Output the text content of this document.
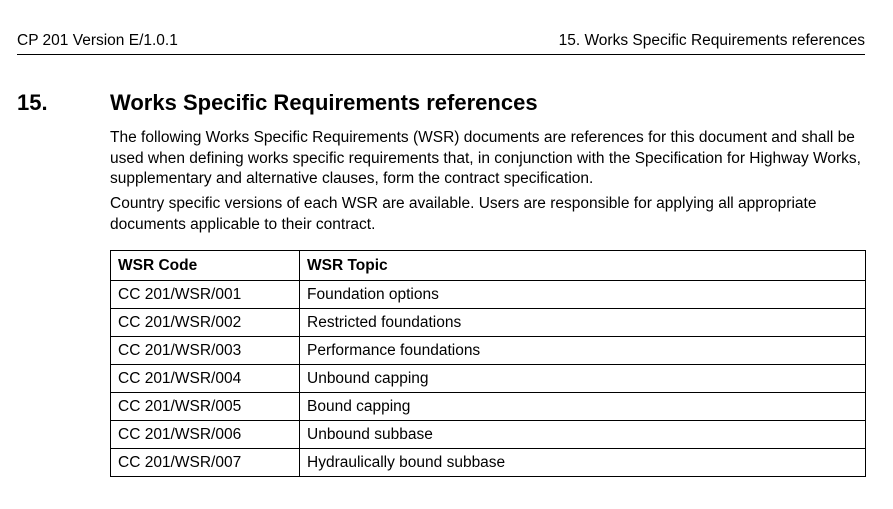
CP 201 Version E/1.0.1	15. Works Specific Requirements references
15.	Works Specific Requirements references

The following Works Specific Requirements (WSR) documents are references for this document and shall be used when defining works specific requirements that, in conjunction with the Specification for Highway Works, supplementary and alternative clauses, form the contract specification.

Country specific versions of each WSR are available. Users are responsible for applying all appropriate documents applicable to their contract.

WSR Code	WSR Topic
CC 201/WSR/001	Foundation options
CC 201/WSR/002	Restricted foundations
CC 201/WSR/003	Performance foundations
CC 201/WSR/004	Unbound capping
CC 201/WSR/005	Bound capping
CC 201/WSR/006	Unbound subbase
CC 201/WSR/007	Hydraulically bound subbase
